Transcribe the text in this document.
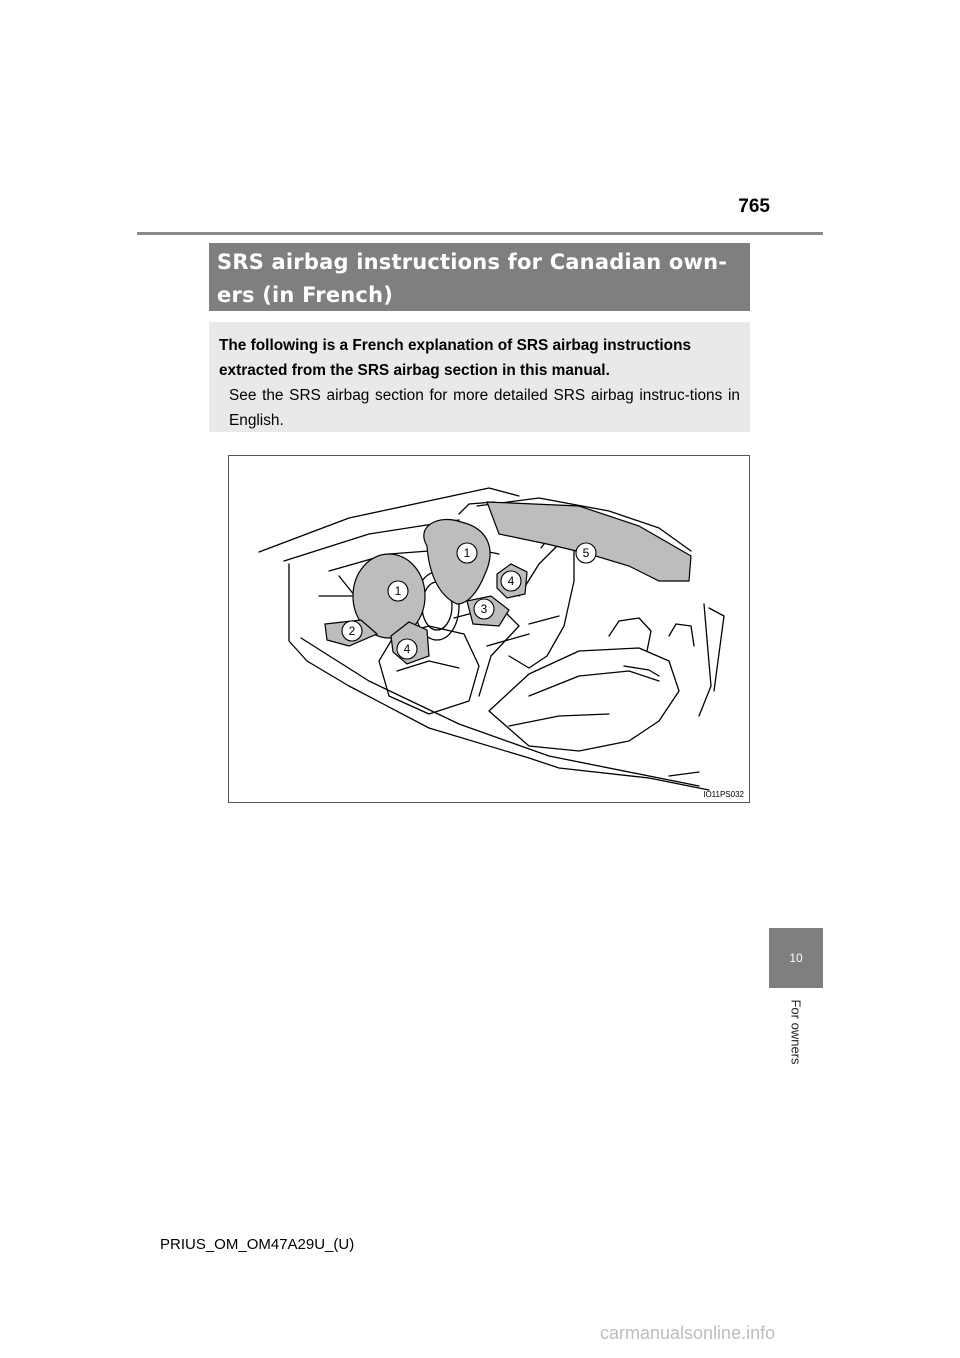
765
SRS airbag instructions for Canadian own-
ers (in French)

The following is a French explanation of SRS airbag instructions extracted from the SRS airbag section in this manual.

See the SRS airbag section for more detailed SRS airbag instruc-tions in English.

1
1
2
3
4
4
5
IO11PS032
10
For owners
PRIUS_OM_OM47A29U_(U)
carmanualsonline.info
